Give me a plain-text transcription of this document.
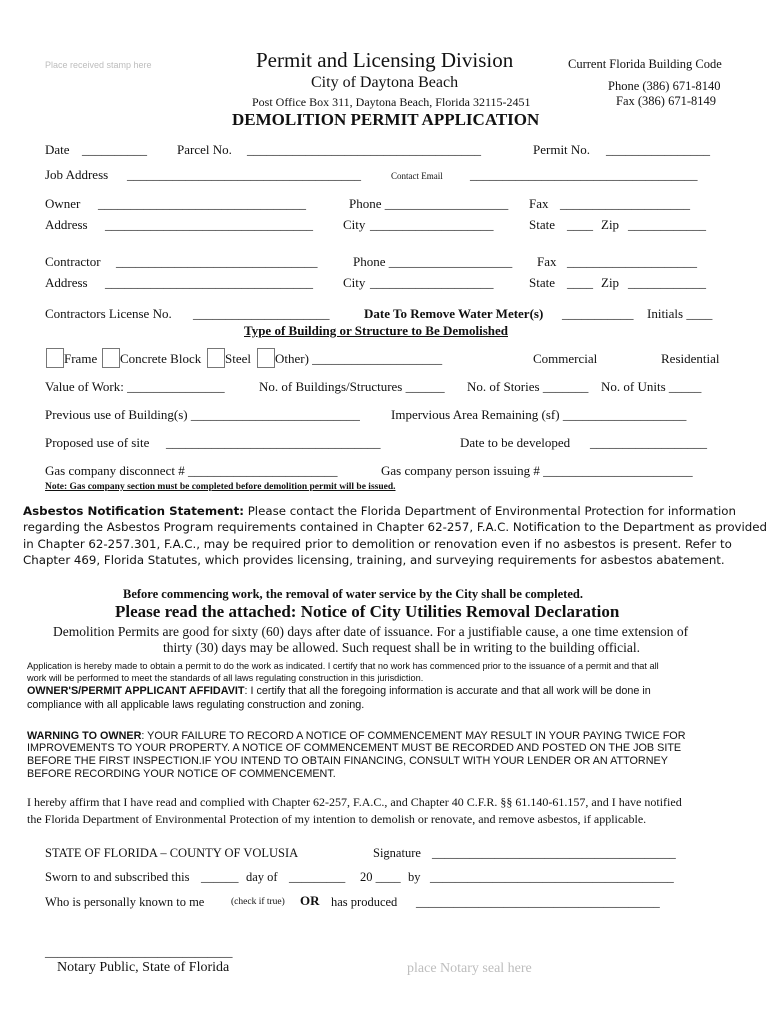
Place received stamp here	Permit and Licensing Division
City of Daytona Beach
Post Office Box 311, Daytona Beach, Florida 32115-2451
Current Florida Building Code
Phone (386) 671-8140
Fax (386) 671-8149
DEMOLITION PERMIT APPLICATION
Date __________ Parcel No. ____________________________________	Permit No. ________________
Job Address ____________________________________	Contact Email ___________________________________
Owner ________________________________	Phone ___________________ Fax ____________________
Address ________________________________ City ___________________	State ____ Zip ____________
Contractor _______________________________	Phone ___________________ Fax ____________________
Address ________________________________ City ___________________	State ____ Zip ____________
Contractors License No. _____________________	Date To Remove Water Meter(s) ___________ Initials ____
Type of Building or Structure to Be Demolished
Frame Concrete Block Steel Other) ____________________	Commercial	Residential
Value of Work: _______________	No. of Buildings/Structures ______ No. of Stories _______ No. of Units _____
Previous use of Building(s) __________________________ Impervious Area Remaining (sf) ___________________
Proposed use of site _________________________________	Date to be developed __________________
Gas company disconnect # _______________________	Gas company person issuing # _______________________
Note: Gas company section must be completed before demolition permit will be issued.
Asbestos Notification Statement: Please contact the Florida Department of Environmental Protection for information
regarding the Asbestos Program requirements contained in Chapter 62-257, F.A.C. Notification to the Department as provided
in Chapter 62-257.301, F.A.C., may be required prior to demolition or renovation even if no asbestos is present. Refer to
Chapter 469, Florida Statutes, which provides licensing, training, and surveying requirements for asbestos abatement.
Before commencing work, the removal of water service by the City shall be completed.
Please read the attached: Notice of City Utilities Removal Declaration
Demolition Permits are good for sixty (60) days after date of issuance. For a justifiable cause, a one time extension of
thirty (30) days may be allowed. Such request shall be in writing to the building official.
Application is hereby made to obtain a permit to do the work as indicated. I certify that no work has commenced prior to the issuance of a permit and that all
work will be performed to meet the standards of all laws regulating construction in this jurisdiction.
OWNER'S/PERMIT APPLICANT AFFIDAVIT: I certify that all the foregoing information is accurate and that all work will be done in
compliance with all applicable laws regulating construction and zoning.
WARNING TO OWNER: YOUR FAILURE TO RECORD A NOTICE OF COMMENCEMENT MAY RESULT IN YOUR PAYING TWICE FOR
IMPROVEMENTS TO YOUR PROPERTY. A NOTICE OF COMMENCEMENT MUST BE RECORDED AND POSTED ON THE JOB SITE
BEFORE THE FIRST INSPECTION.IF YOU INTEND TO OBTAIN FINANCING, CONSULT WITH YOUR LENDER OR AN ATTORNEY
BEFORE RECORDING YOUR NOTICE OF COMMENCEMENT.
I hereby affirm that I have read and complied with Chapter 62-257, F.A.C., and Chapter 40 C.F.R. §§ 61.140-61.157, and I have notified
the Florida Department of Environmental Protection of my intention to demolish or renovate, and remove asbestos, if applicable.
STATE OF FLORIDA – COUNTY OF VOLUSIA	Signature _______________________________________
Sworn to and subscribed this ______ day of _________ 20 ____ by _______________________________________
Who is personally known to me	(check if true) OR has produced _______________________________________
______________________________
Notary Public, State of Florida	place Notary seal here
